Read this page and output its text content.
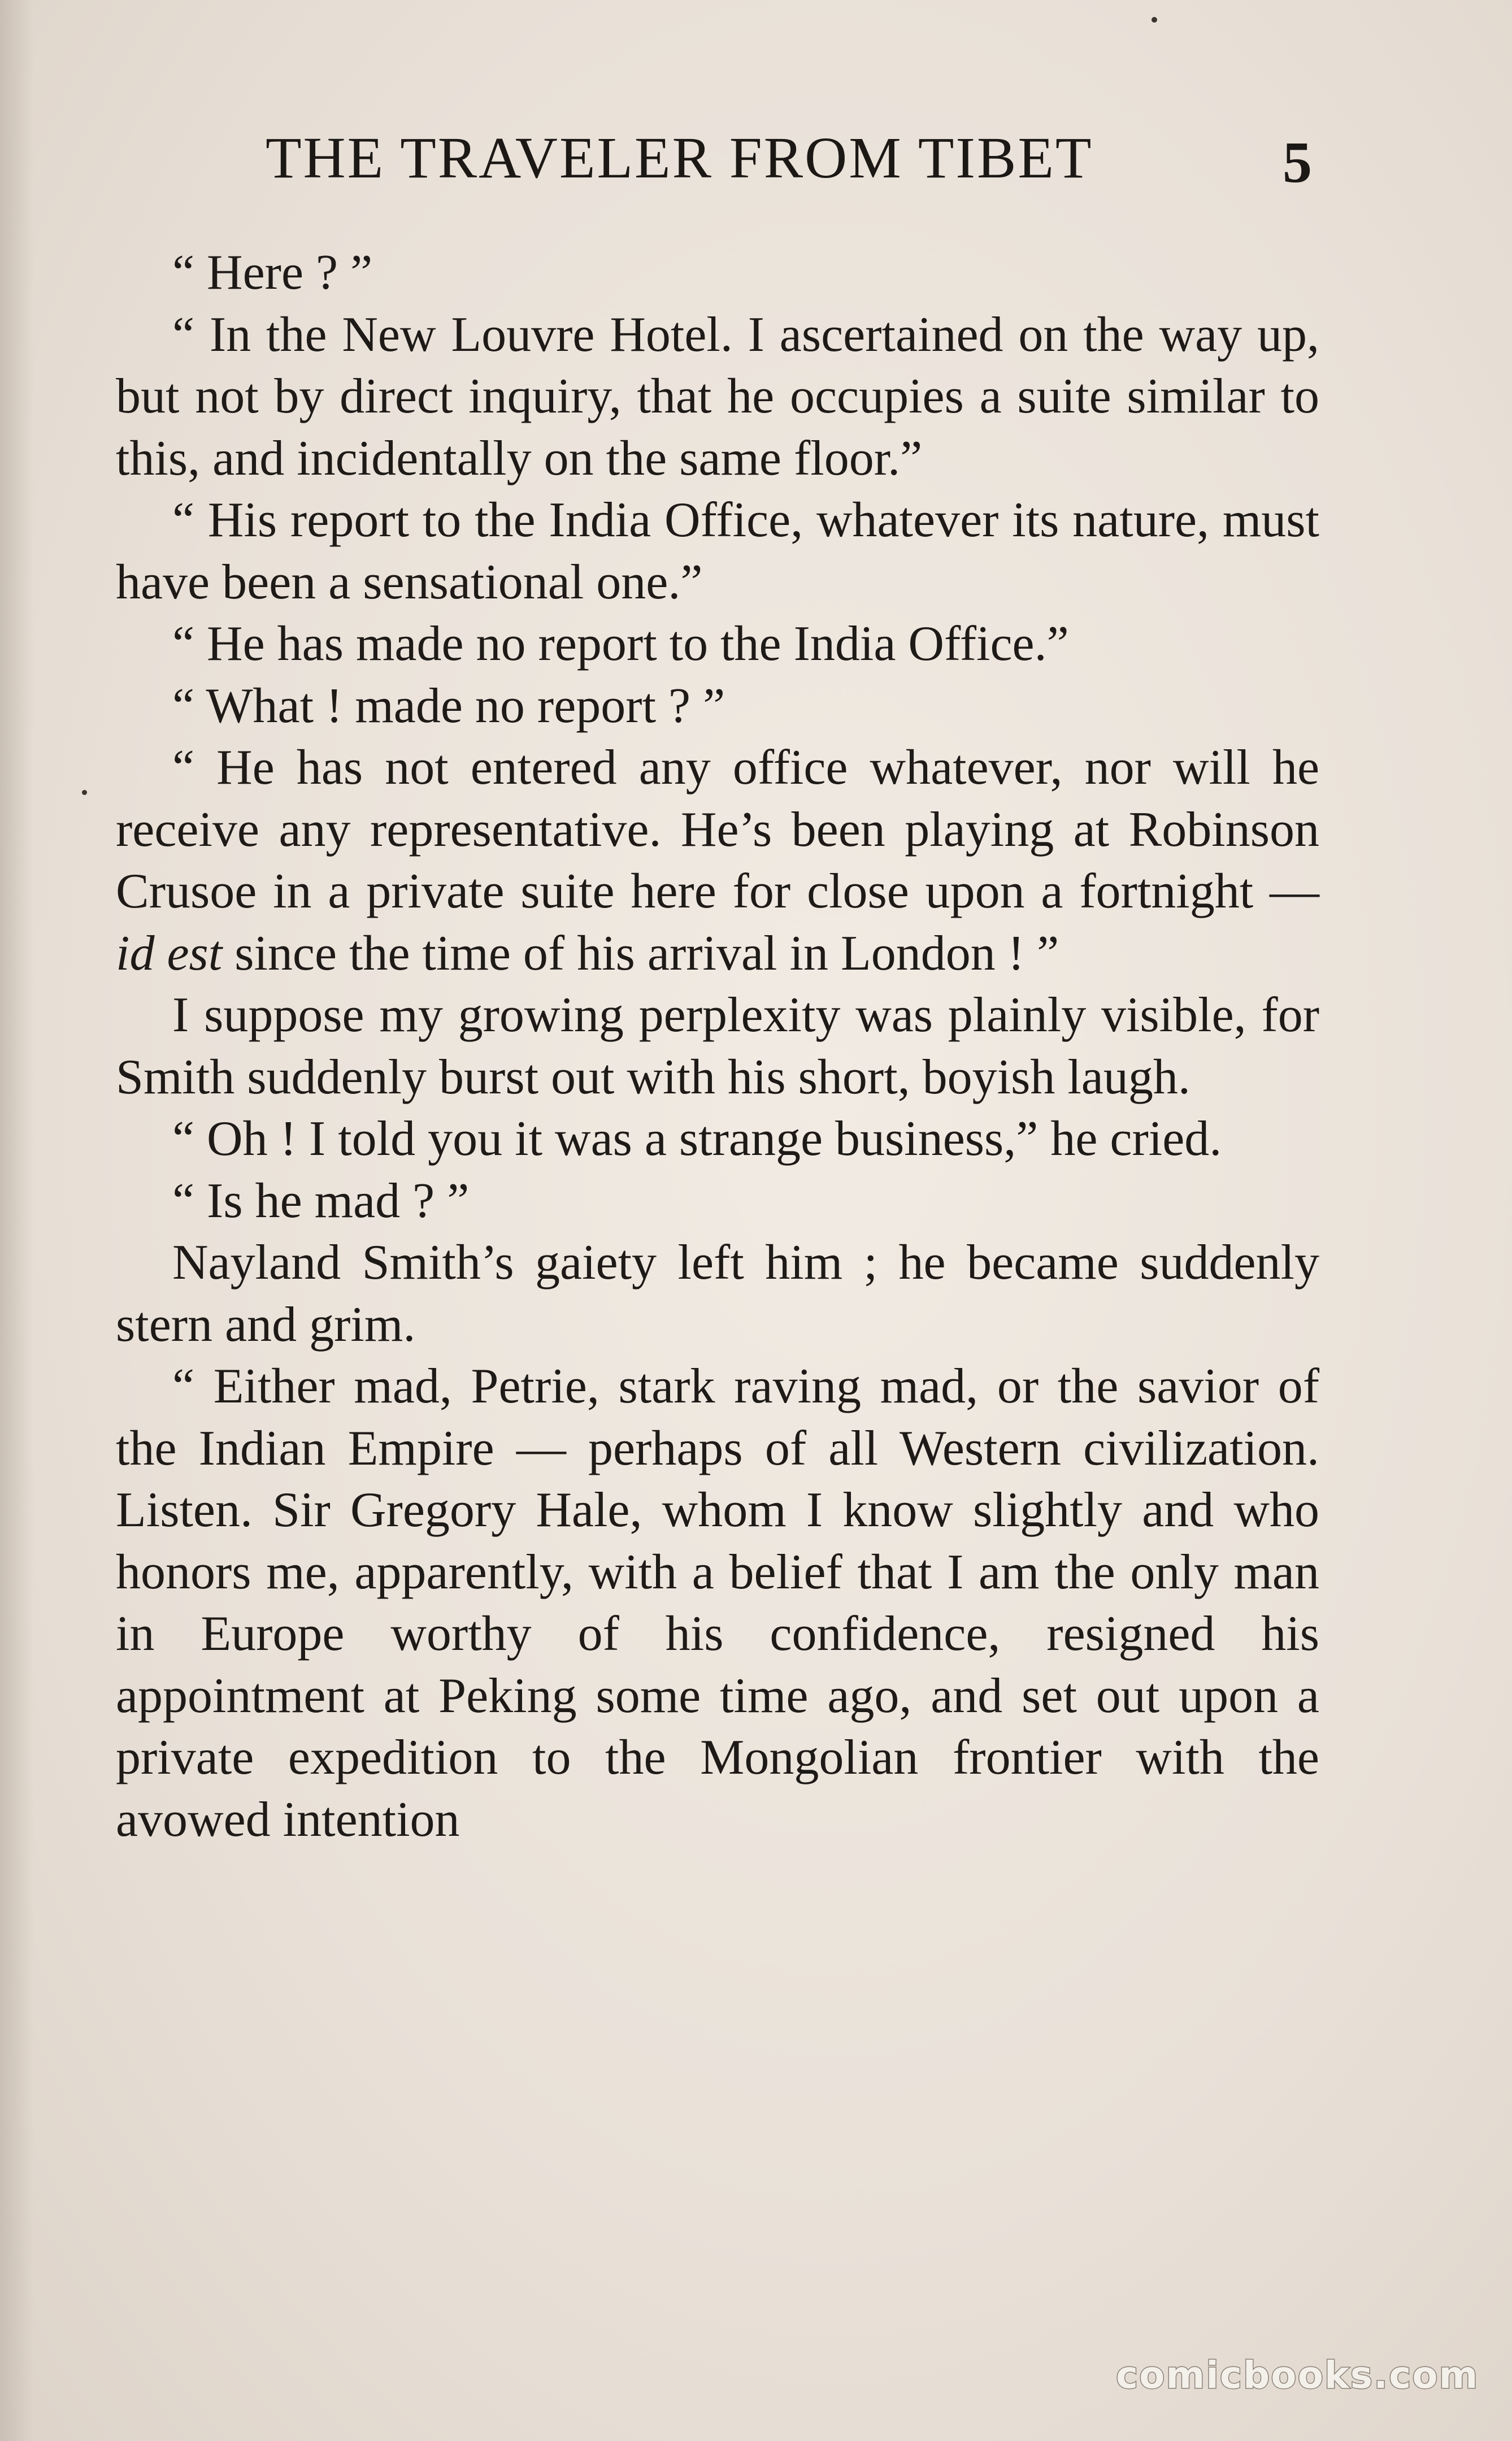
THE TRAVELER FROM TIBET	5

“ Here ? ”

“ In the New Louvre Hotel. I ascertained on the way up, but not by direct inquiry, that he occupies a suite similar to this, and incidentally on the same floor.”

“ His report to the India Office, whatever its nature, must have been a sensational one.”

“ He has made no report to the India Office.”

“ What ! made no report ? ”

“ He has not entered any office whatever, nor will he receive any representative. He’s been playing at Robinson Crusoe in a private suite here for close upon a fortnight — id est since the time of his arrival in London ! ”

I suppose my growing perplexity was plainly visible, for Smith suddenly burst out with his short, boyish laugh.

“ Oh ! I told you it was a strange business,” he cried.

“ Is he mad ? ”

Nayland Smith’s gaiety left him ; he became suddenly stern and grim.

“ Either mad, Petrie, stark raving mad, or the savior of the Indian Empire — perhaps of all Western civilization. Listen. Sir Gregory Hale, whom I know slightly and who honors me, apparently, with a belief that I am the only man in Europe worthy of his confidence, resigned his appointment at Peking some time ago, and set out upon a private expedition to the Mongolian frontier with the avowed intention

comicbooks.com
